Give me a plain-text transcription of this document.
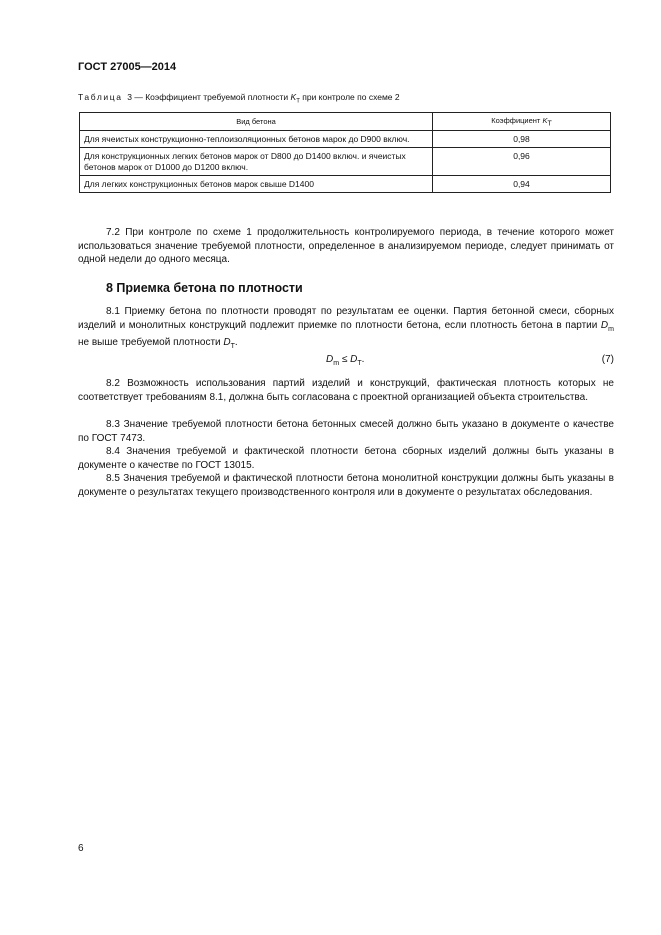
ГОСТ 27005—2014
Таблица 3 — Коэффициент требуемой плотности $K_Т$ при контроле по схеме 2
Вид бетона	Коэффициент $K_Т$
Для ячеистых конструкционно-теплоизоляционных бетонов марок до D900 включ.	0,98
Для конструкционных легких бетонов марок от D800 до D1400 включ. и ячеистых бетонов марок от D1000 до D1200 включ.	0,96
Для легких конструкционных бетонов марок свыше D1400	0,94
7.2 При контроле по схеме 1 продолжительность контролируемого периода, в течение которого может использоваться значение требуемой плотности, определенное в анализируемом периоде, следует принимать от одной недели до одного месяца.
8 Приемка бетона по плотности
8.1 Приемку бетона по плотности проводят по результатам ее оценки. Партия бетонной смеси, сборных изделий и монолитных конструкций подлежит приемке по плотности бетона, если плотность бетона в партии $D_m$ не выше требуемой плотности $D_Т$.
$D_m \le D_Т$.	(7)
8.2 Возможность использования партий изделий и конструкций, фактическая плотность которых не соответствует требованиям 8.1, должна быть согласована с проектной организацией объекта строительства.
8.3 Значение требуемой плотности бетона бетонных смесей должно быть указано в документе о качестве по ГОСТ 7473.
8.4 Значения требуемой и фактической плотности бетона сборных изделий должны быть указаны в документе о качестве по ГОСТ 13015.
8.5 Значения требуемой и фактической плотности бетона монолитной конструкции должны быть указаны в документе о результатах текущего производственного контроля или в документе о результатах обследования.
6
